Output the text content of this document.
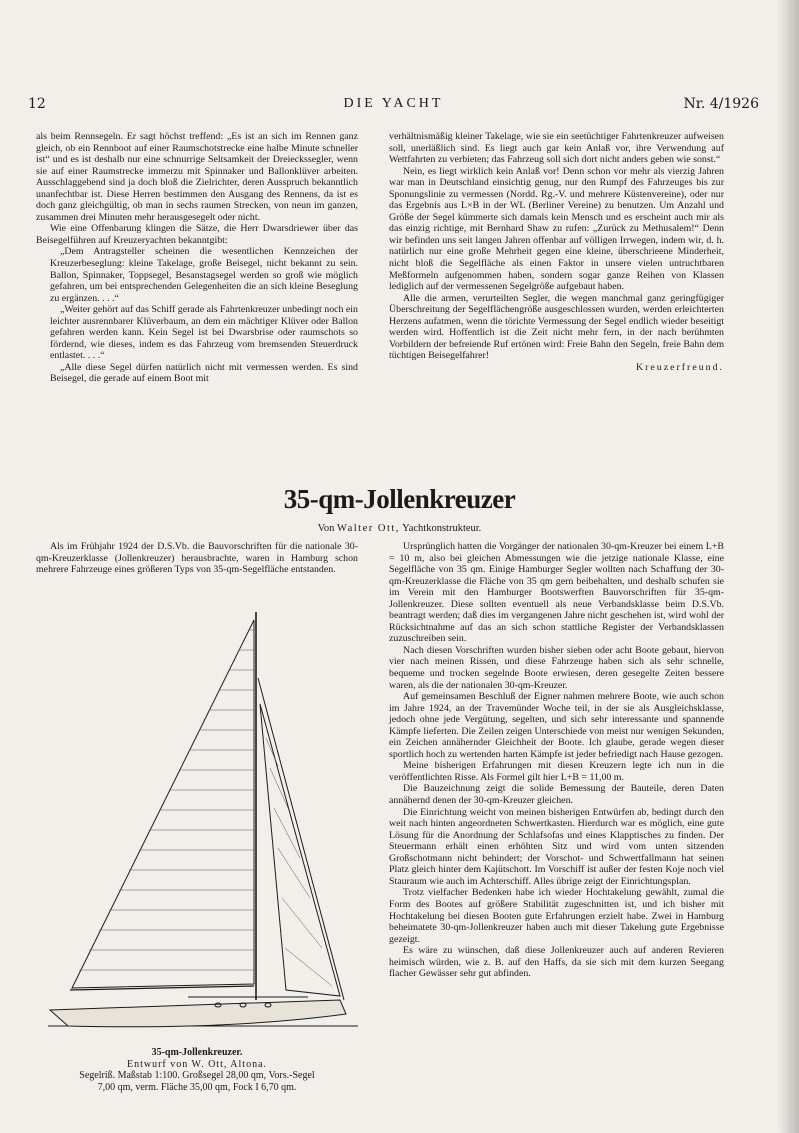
12	DIE YACHT	Nr. 4/1926

als beim Rennsegeln. Er sagt höchst treffend: „Es ist an sich im Rennen ganz gleich, ob ein Rennboot auf einer Raumschotstrecke eine halbe Minute schneller ist“ und es ist deshalb nur eine schnurrige Seltsamkeit der Dreieckssegler, wenn sie auf einer Raumstrecke immerzu mit Spinnaker und Ballonklüver arbeiten. Ausschlaggebend sind ja doch bloß die Zielrichter, deren Ausspruch bekanntlich unanfechtbar ist. Diese Herren bestimmen den Ausgang des Rennens, da ist es doch ganz gleichgültig, ob man in sechs raumen Strecken, von neun im ganzen, zusammen drei Minuten mehr herausgesegelt oder nicht.

Wie eine Offenbarung klingen die Sätze, die Herr Dwarsdriewer über das Beisegelführen auf Kreuzeryachten bekanntgibt:

„Dem Antragsteller scheinen die wesentlichen Kennzeichen der Kreuzerbeseglung: kleine Takelage, große Beisegel, nicht bekannt zu sein. Ballon, Spinnaker, Toppsegel, Besanstagsegel werden so groß wie möglich gefahren, um bei entsprechenden Gelegenheiten die an sich kleine Beseglung zu ergänzen. . . .“

„Weiter gehört auf das Schiff gerade als Fahrtenkreuzer unbedingt noch ein leichter ausrennbarer Klüverbaum, an dem ein mächtiger Klüver oder Ballon gefahren werden kann. Kein Segel ist bei Dwarsbrise oder raumschots so fördernd, wie dieses, indem es das Fahrzeug vom bremsenden Steuerdruck entlastet. . . .“

„Alle diese Segel dürfen natürlich nicht mit vermessen werden. Es sind Beisegel, die gerade auf einem Boot mit

verhältnismäßig kleiner Takelage, wie sie ein seetüchtiger Fahrtenkreuzer aufweisen soll, unerläßlich sind. Es liegt auch gar kein Anlaß vor, ihre Verwendung auf Wettfahrten zu verbieten; das Fahrzeug soll sich dort nicht anders geben wie sonst.“

Nein, es liegt wirklich kein Anlaß vor! Denn schon vor mehr als vierzig Jahren war man in Deutschland einsichtig genug, nur den Rumpf des Fahrzeuges bis zur Sponungslinie zu vermessen (Nordd. Rg.-V. und mehrere Küstenvereine), oder nur das Ergebnis aus L×B in der WL (Berliner Vereine) zu benutzen. Um Anzahl und Größe der Segel kümmerte sich damals kein Mensch und es erscheint auch mir als das einzig richtige, mit Bernhard Shaw zu rufen: „Zurück zu Methusalem!“ Denn wir befinden uns seit langen Jahren offenbar auf völligen Irrwegen, indem wir, d. h. natürlich nur eine große Mehrheit gegen eine kleine, überschrieene Minderheit, nicht bloß die Segelfläche als einen Faktor in unsere vielen untruchtbaren Meßformeln aufgenommen haben, sondern sogar ganze Reihen von Klassen lediglich auf der vermessenen Segelgröße aufgebaut haben.

Alle die armen, verurteilten Segler, die wegen manchmal ganz geringfügiger Überschreitung der Segelflächengröße ausgeschlossen wurden, werden erleichterten Herzens aufatmen, wenn die törichte Vermessung der Segel endlich wieder beseitigt werden wird. Hoffentlich ist die Zeit nicht mehr fern, in der nach berühmten Vorbildern der befreiende Ruf ertönen wird: Freie Bahn den Segeln, freie Bahn dem tüchtigen Beisegelfahrer!

Kreuzerfreund.

35-qm-Jollenkreuzer
Von Walter Ott, Yachtkonstrukteur.

Als im Frühjahr 1924 der D.S.Vb. die Bauvorschriften für die nationale 30-qm-Kreuzerklasse (Jollenkreuzer) herausbrachte, waren in Hamburg schon mehrere Fahrzeuge eines größeren Typs von 35-qm-Segelfläche entstanden.

35-qm-Jollenkreuzer.
Entwurf von W. Ott, Altona.
Segelriß. Maßstab 1:100. Großsegel 28,00 qm, Vors.-Segel
7,00 qm, verm. Fläche 35,00 qm, Fock I 6,70 qm.

Ursprünglich hatten die Vorgänger der nationalen 30-qm-Kreuzer bei einem L+B = 10 m, also bei gleichen Abmessungen wie die jetzige nationale Klasse, eine Segelfläche von 35 qm. Einige Hamburger Segler wollten nach Schaffung der 30-qm-Kreuzerklasse die Fläche von 35 qm gern beibehalten, und deshalb schufen sie im Verein mit den Hamburger Bootswerften Bauvorschriften für 35-qm-Jollenkreuzer. Diese sollten eventuell als neue Verbandsklasse beim D.S.Vb. beantragt werden; daß dies im vergangenen Jahre nicht geschehen ist, wird wohl der Rücksichtnahme auf das an sich schon stattliche Register der Verbandsklassen zuzuschreiben sein.

Nach diesen Vorschriften wurden bisher sieben oder acht Boote gebaut, hiervon vier nach meinen Rissen, und diese Fahrzeuge haben sich als sehr schnelle, bequeme und trocken segelnde Boote erwiesen, deren gesegelte Zeiten bessere waren, als die der nationalen 30-qm-Kreuzer.

Auf gemeinsamen Beschluß der Eigner nahmen mehrere Boote, wie auch schon im Jahre 1924, an der Travemünder Woche teil, in der sie als Ausgleichsklasse, jedoch ohne jede Vergütung, segelten, und sich sehr interessante und spannende Kämpfe lieferten. Die Zeilen zeigen Unterschiede von meist nur wenigen Sekunden, ein Zeichen annähernder Gleichheit der Boote. Ich glaube, gerade wegen dieser sportlich hoch zu wertenden harten Kämpfe ist jeder befriedigt nach Hause gezogen.

Meine bisherigen Erfahrungen mit diesen Kreuzern legte ich nun in die veröffentlichten Risse. Als Formel gilt hier L+B = 11,00 m.

Die Bauzeichnung zeigt die solide Bemessung der Bauteile, deren Daten annähernd denen der 30-qm-Kreuzer gleichen.

Die Einrichtung weicht von meinen bisherigen Entwürfen ab, bedingt durch den weit nach hinten angeordneten Schwertkasten. Hierdurch war es möglich, eine gute Lösung für die Anordnung der Schlafsofas und eines Klapptisches zu finden. Der Steuermann erhält einen erhöhten Sitz und wird vom unten sitzenden Großschotmann nicht behindert; der Vorschot- und Schwertfallmann hat seinen Platz gleich hinter dem Kajütschott. Im Vorschiff ist außer der festen Koje noch viel Stauraum wie auch im Achterschiff. Alles übrige zeigt der Einrichtungsplan.

Trotz vielfacher Bedenken habe ich wieder Hochtakelung gewählt, zumal die Form des Bootes auf größere Stabilität zugeschnitten ist, und ich bisher mit Hochtakelung bei diesen Booten gute Erfahrungen erzielt habe. Zwei in Hamburg beheimatete 30-qm-Jollenkreuzer haben auch mit dieser Takelung gute Ergebnisse gezeigt.

Es wäre zu wünschen, daß diese Jollenkreuzer auch auf anderen Revieren heimisch würden, wie z. B. auf den Haffs, da sie sich mit dem kurzen Seegang flacher Gewässer sehr gut abfinden.
